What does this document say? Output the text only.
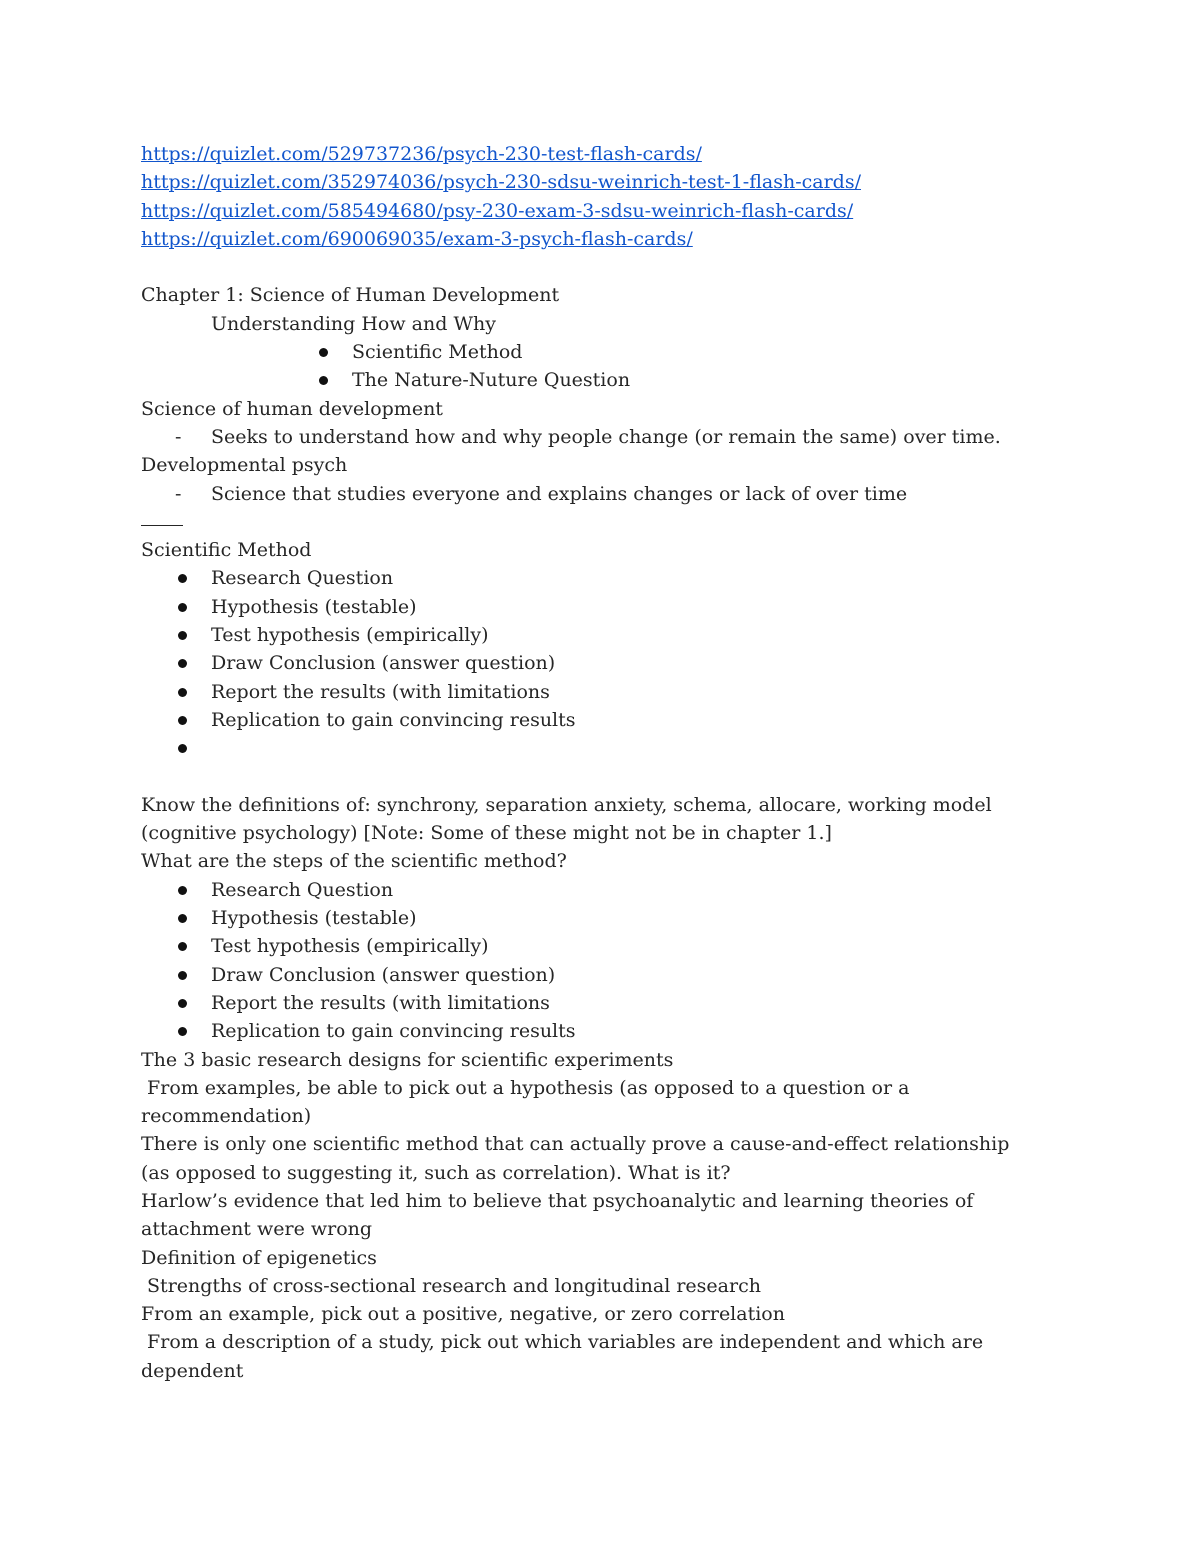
https://quizlet.com/529737236/psych-230-test-flash-cards/
https://quizlet.com/352974036/psych-230-sdsu-weinrich-test-1-flash-cards/
https://quizlet.com/585494680/psy-230-exam-3-sdsu-weinrich-flash-cards/
https://quizlet.com/690069035/exam-3-psych-flash-cards/
Chapter 1: Science of Human Development
Understanding How and Why
Scientific Method
The Nature-Nuture Question
Science of human development
- Seeks to understand how and why people change (or remain the same) over time.
Developmental psych
- Science that studies everyone and explains changes or lack of over time
Scientific Method
Research Question
Hypothesis (testable)
Test hypothesis (empirically)
Draw Conclusion (answer question)
Report the results (with limitations
Replication to gain convincing results
Know the definitions of: synchrony, separation anxiety, schema, allocare, working model (cognitive psychology) [Note: Some of these might not be in chapter 1.]
What are the steps of the scientific method?
Research Question
Hypothesis (testable)
Test hypothesis (empirically)
Draw Conclusion (answer question)
Report the results (with limitations
Replication to gain convincing results
The 3 basic research designs for scientific experiments
From examples, be able to pick out a hypothesis (as opposed to a question or a recommendation)
There is only one scientific method that can actually prove a cause-and-effect relationship (as opposed to suggesting it, such as correlation). What is it?
Harlow’s evidence that led him to believe that psychoanalytic and learning theories of attachment were wrong
Definition of epigenetics
Strengths of cross-sectional research and longitudinal research
From an example, pick out a positive, negative, or zero correlation
From a description of a study, pick out which variables are independent and which are dependent
